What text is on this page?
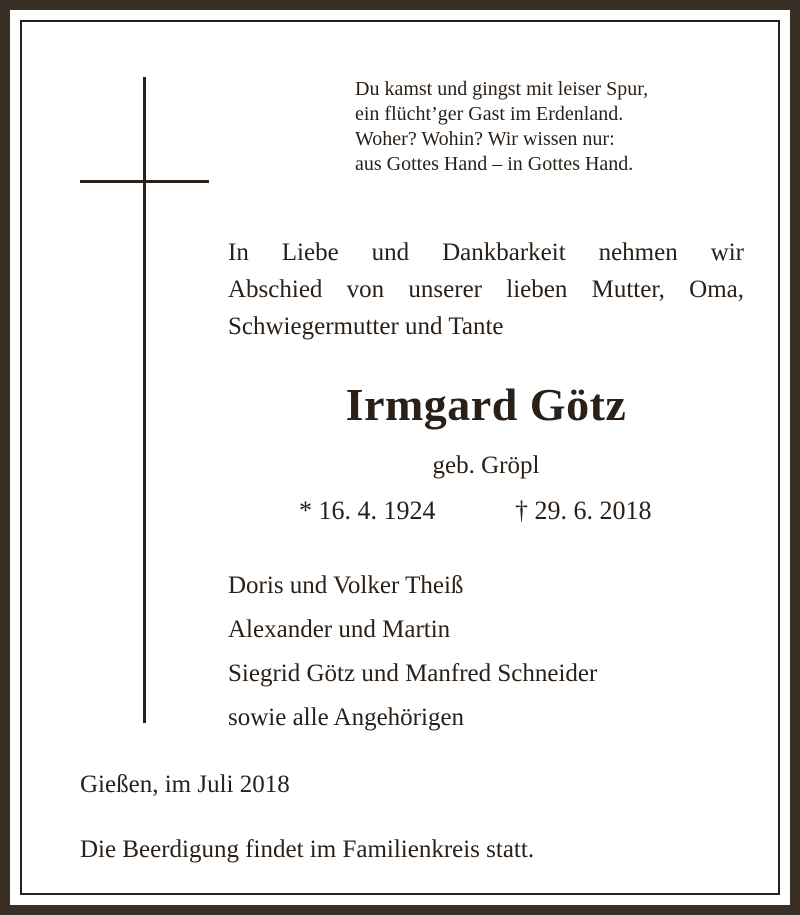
Du kamst und gingst mit leiser Spur,
ein flücht’ger Gast im Erdenland.
Woher? Wohin? Wir wissen nur:
aus Gottes Hand – in Gottes Hand.
In Liebe und Dankbarkeit nehmen wir
Abschied von unserer lieben Mutter, Oma,
Schwiegermutter und Tante
Irmgard Götz
geb. Gröpl
* 16. 4. 1924	† 29. 6. 2018
Doris und Volker Theiß
Alexander und Martin
Siegrid Götz und Manfred Schneider
sowie alle Angehörigen
Gießen, im Juli 2018
Die Beerdigung findet im Familienkreis statt.
